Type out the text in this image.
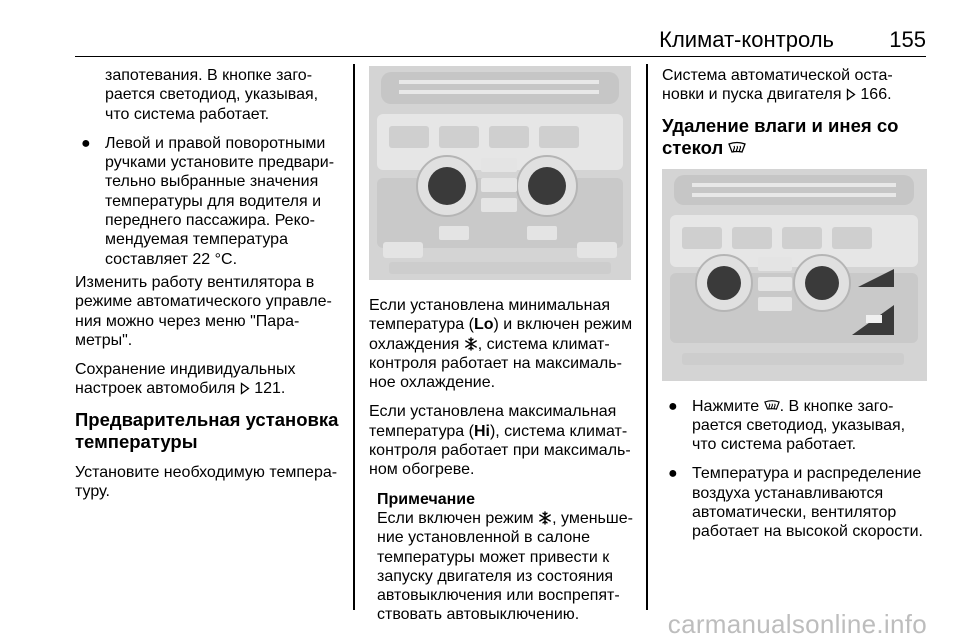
Климат-контроль	155

запотевания. В кнопке заго-
рается светодиод, указывая,
что система работает.

● Левой и правой поворотными
ручками установите предвари-
тельно выбранные значения
температуры для водителя и
переднего пассажира. Реко-
мендуемая температура
составляет 22 °C.

Изменить работу вентилятора в
режиме автоматического управле-
ния можно через меню "Пара-
метры".

Сохранение индивидуальных
настроек автомобиля 121.

Предварительная установка
температуры

Установите необходимую темпера-
туру.

Если установлена минимальная
температура (Lo) и включен режим
охлаждения , система климат-
контроля работает на максималь-
ное охлаждение.

Если установлена максимальная
температура (Hi), система климат-
контроля работает при максималь-
ном обогреве.

Примечание
Если включен режим , уменьше-
ние установленной в салоне
температуры может привести к
запуску двигателя из состояния
автовыключения или воспрепят-
ствовать автовыключению.

Система автоматической оста-
новки и пуска двигателя 166.

Удаление влаги и инея со
стекол
● Нажмите . В кнопке заго-
рается светодиод, указывая,
что система работает.
● Температура и распределение
воздуха устанавливаются
автоматически, вентилятор
работает на высокой скорости.
carmanualsonline.info
